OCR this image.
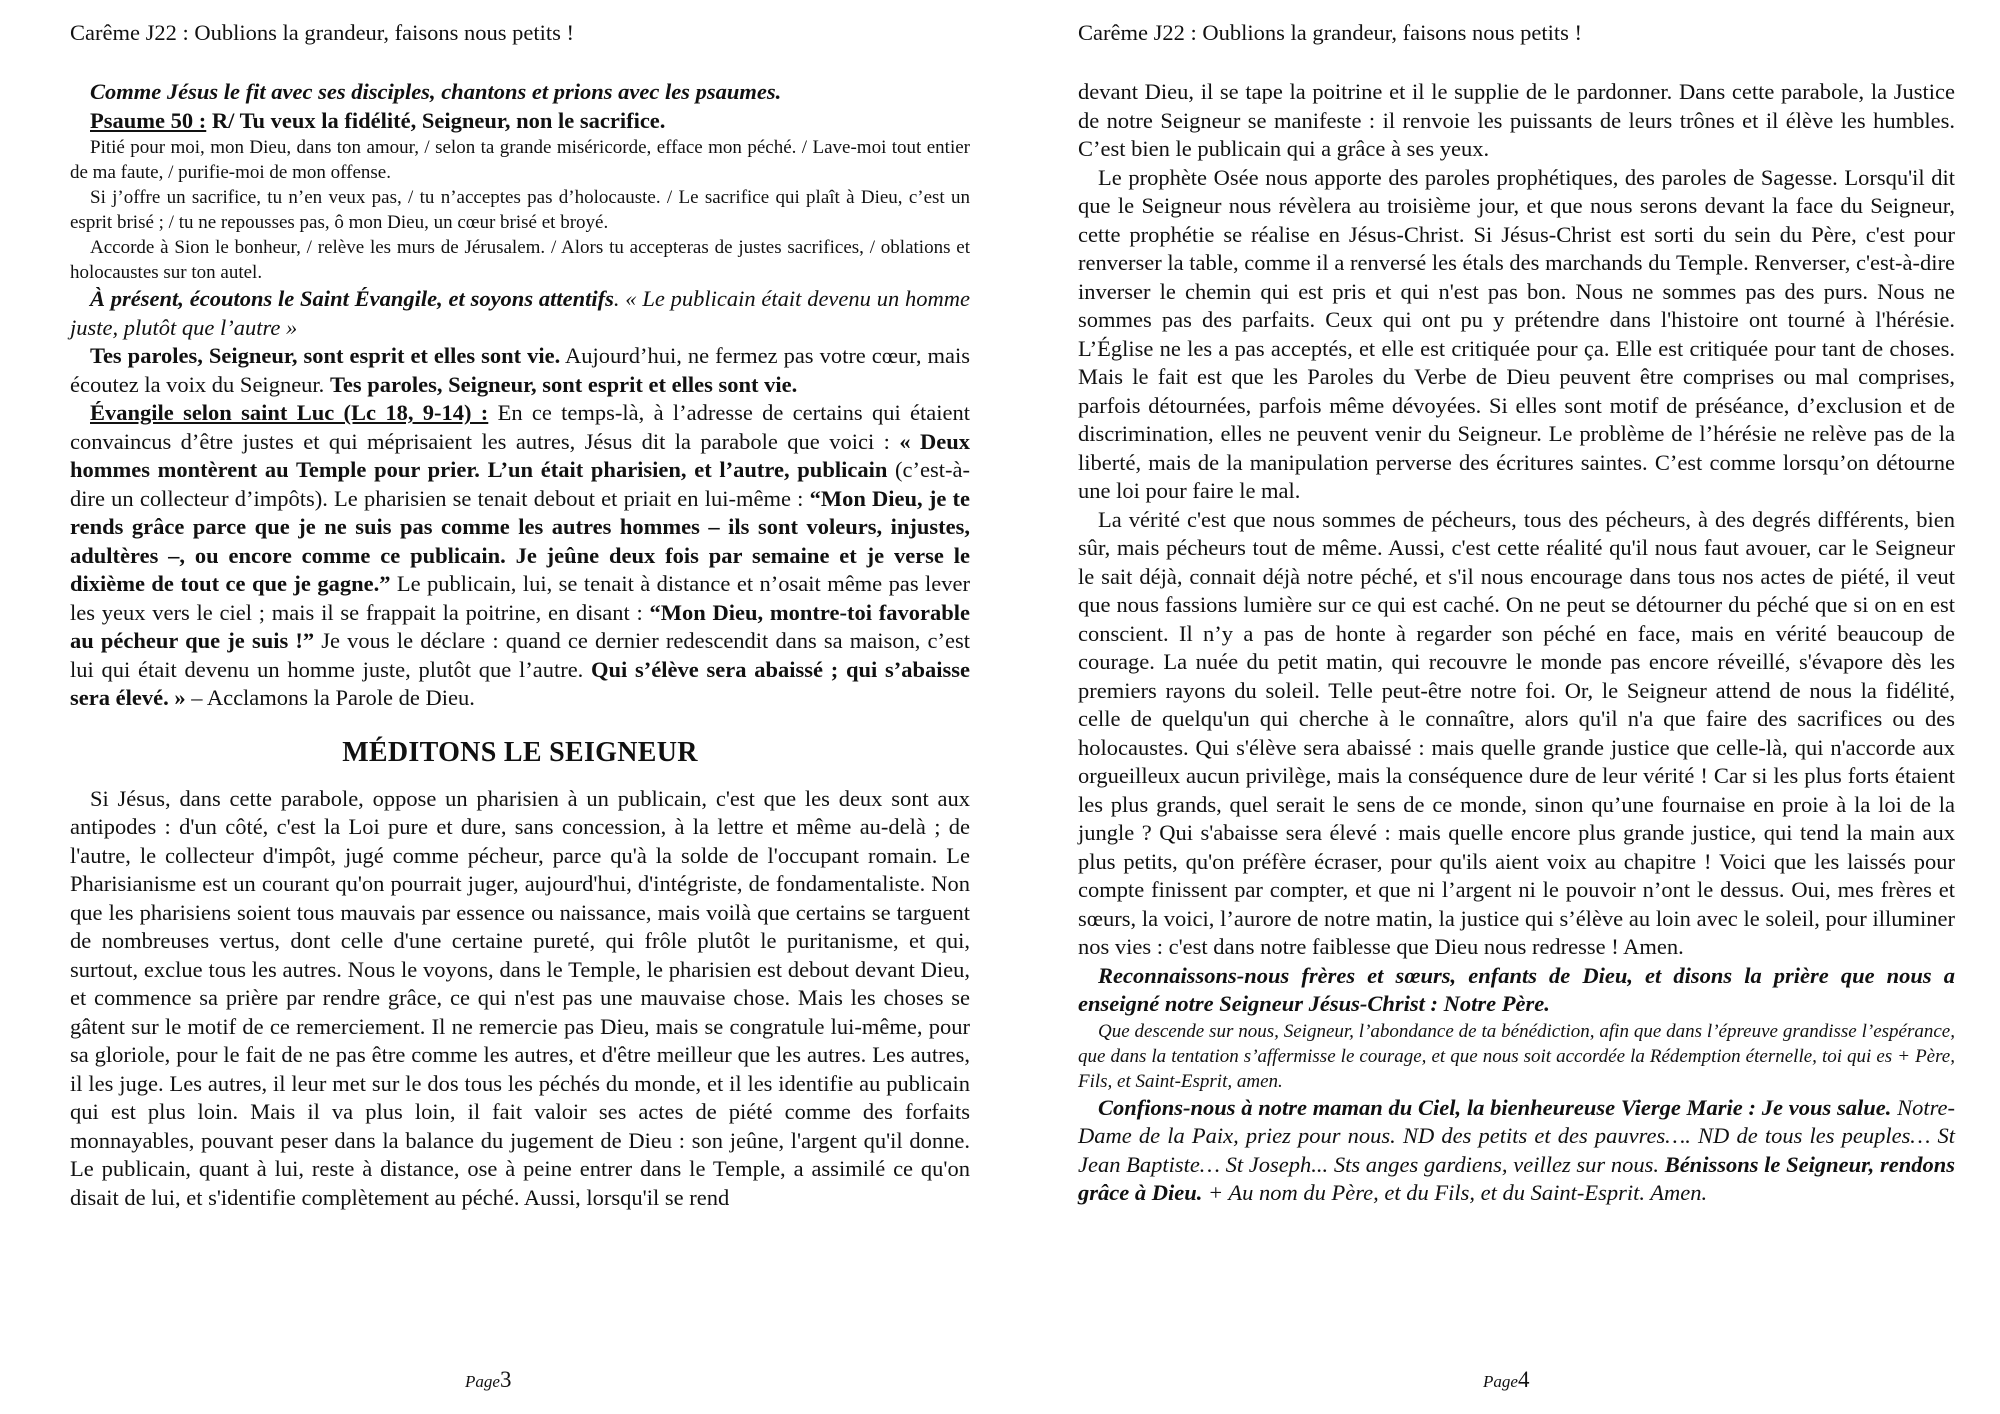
Carême J22 : Oublions la grandeur, faisons nous petits !

Comme Jésus le fit avec ses disciples, chantons et prions avec les psaumes.

Psaume 50 : R/ Tu veux la fidélité, Seigneur, non le sacrifice.

Pitié pour moi, mon Dieu, dans ton amour, / selon ta grande miséricorde, efface mon péché. / Lave-moi tout entier de ma faute, / purifie-moi de mon offense.

Si j’offre un sacrifice, tu n’en veux pas, / tu n’acceptes pas d’holocauste. / Le sacrifice qui plaît à Dieu, c’est un esprit brisé ; / tu ne repousses pas, ô mon Dieu, un cœur brisé et broyé.

Accorde à Sion le bonheur, / relève les murs de Jérusalem. / Alors tu accepteras de justes sacrifices, / oblations et holocaustes sur ton autel.

À présent, écoutons le Saint Évangile, et soyons attentifs. « Le publicain était devenu un homme juste, plutôt que l’autre »

Tes paroles, Seigneur, sont esprit et elles sont vie. Aujourd’hui, ne fermez pas votre cœur, mais écoutez la voix du Seigneur. Tes paroles, Seigneur, sont esprit et elles sont vie.

Évangile selon saint Luc (Lc 18, 9-14) : En ce temps-là, à l’adresse de certains qui étaient convaincus d’être justes et qui méprisaient les autres, Jésus dit la parabole que voici : « Deux hommes montèrent au Temple pour prier. L’un était pharisien, et l’autre, publicain (c’est-à-dire un collecteur d’impôts). Le pharisien se tenait debout et priait en lui-même : “Mon Dieu, je te rends grâce parce que je ne suis pas comme les autres hommes – ils sont voleurs, injustes, adultères –, ou encore comme ce publicain. Je jeûne deux fois par semaine et je verse le dixième de tout ce que je gagne.” Le publicain, lui, se tenait à distance et n’osait même pas lever les yeux vers le ciel ; mais il se frappait la poitrine, en disant : “Mon Dieu, montre-toi favorable au pécheur que je suis !” Je vous le déclare : quand ce dernier redescendit dans sa maison, c’est lui qui était devenu un homme juste, plutôt que l’autre. Qui s’élève sera abaissé ; qui s’abaisse sera élevé. » – Acclamons la Parole de Dieu.

MÉDITONS LE SEIGNEUR

Si Jésus, dans cette parabole, oppose un pharisien à un publicain, c'est que les deux sont aux antipodes : d'un côté, c'est la Loi pure et dure, sans concession, à la lettre et même au-delà ; de l'autre, le collecteur d'impôt, jugé comme pécheur, parce qu'à la solde de l'occupant romain. Le Pharisianisme est un courant qu'on pourrait juger, aujourd'hui, d'intégriste, de fondamentaliste. Non que les pharisiens soient tous mauvais par essence ou naissance, mais voilà que certains se targuent de nombreuses vertus, dont celle d'une certaine pureté, qui frôle plutôt le puritanisme, et qui, surtout, exclue tous les autres. Nous le voyons, dans le Temple, le pharisien est debout devant Dieu, et commence sa prière par rendre grâce, ce qui n'est pas une mauvaise chose. Mais les choses se gâtent sur le motif de ce remerciement. Il ne remercie pas Dieu, mais se congratule lui-même, pour sa gloriole, pour le fait de ne pas être comme les autres, et d'être meilleur que les autres. Les autres, il les juge. Les autres, il leur met sur le dos tous les péchés du monde, et il les identifie au publicain qui est plus loin. Mais il va plus loin, il fait valoir ses actes de piété comme des forfaits monnayables, pouvant peser dans la balance du jugement de Dieu : son jeûne, l'argent qu'il donne. Le publicain, quant à lui, reste à distance, ose à peine entrer dans le Temple, a assimilé ce qu'on disait de lui, et s'identifie complètement au péché. Aussi, lorsqu'il se rend

Page3
Carême J22 : Oublions la grandeur, faisons nous petits !

devant Dieu, il se tape la poitrine et il le supplie de le pardonner. Dans cette parabole, la Justice de notre Seigneur se manifeste : il renvoie les puissants de leurs trônes et il élève les humbles. C’est bien le publicain qui a grâce à ses yeux.

Le prophète Osée nous apporte des paroles prophétiques, des paroles de Sagesse. Lorsqu'il dit que le Seigneur nous révèlera au troisième jour, et que nous serons devant la face du Seigneur, cette prophétie se réalise en Jésus-Christ. Si Jésus-Christ est sorti du sein du Père, c'est pour renverser la table, comme il a renversé les étals des marchands du Temple. Renverser, c'est-à-dire inverser le chemin qui est pris et qui n'est pas bon. Nous ne sommes pas des purs. Nous ne sommes pas des parfaits. Ceux qui ont pu y prétendre dans l'histoire ont tourné à l'hérésie. L’Église ne les a pas acceptés, et elle est critiquée pour ça. Elle est critiquée pour tant de choses. Mais le fait est que les Paroles du Verbe de Dieu peuvent être comprises ou mal comprises, parfois détournées, parfois même dévoyées. Si elles sont motif de préséance, d’exclusion et de discrimination, elles ne peuvent venir du Seigneur. Le problème de l’hérésie ne relève pas de la liberté, mais de la manipulation perverse des écritures saintes. C’est comme lorsqu’on détourne une loi pour faire le mal.

La vérité c'est que nous sommes de pécheurs, tous des pécheurs, à des degrés différents, bien sûr, mais pécheurs tout de même. Aussi, c'est cette réalité qu'il nous faut avouer, car le Seigneur le sait déjà, connait déjà notre péché, et s'il nous encourage dans tous nos actes de piété, il veut que nous fassions lumière sur ce qui est caché. On ne peut se détourner du péché que si on en est conscient. Il n’y a pas de honte à regarder son péché en face, mais en vérité beaucoup de courage. La nuée du petit matin, qui recouvre le monde pas encore réveillé, s'évapore dès les premiers rayons du soleil. Telle peut-être notre foi. Or, le Seigneur attend de nous la fidélité, celle de quelqu'un qui cherche à le connaître, alors qu'il n'a que faire des sacrifices ou des holocaustes. Qui s'élève sera abaissé : mais quelle grande justice que celle-là, qui n'accorde aux orgueilleux aucun privilège, mais la conséquence dure de leur vérité ! Car si les plus forts étaient les plus grands, quel serait le sens de ce monde, sinon qu’une fournaise en proie à la loi de la jungle ? Qui s'abaisse sera élevé : mais quelle encore plus grande justice, qui tend la main aux plus petits, qu'on préfère écraser, pour qu'ils aient voix au chapitre ! Voici que les laissés pour compte finissent par compter, et que ni l’argent ni le pouvoir n’ont le dessus. Oui, mes frères et sœurs, la voici, l’aurore de notre matin, la justice qui s’élève au loin avec le soleil, pour illuminer nos vies : c'est dans notre faiblesse que Dieu nous redresse ! Amen.

Reconnaissons-nous frères et sœurs, enfants de Dieu, et disons la prière que nous a enseigné notre Seigneur Jésus-Christ : Notre Père.

Que descende sur nous, Seigneur, l’abondance de ta bénédiction, afin que dans l’épreuve grandisse l’espérance, que dans la tentation s’affermisse le courage, et que nous soit accordée la Rédemption éternelle, toi qui es + Père, Fils, et Saint-Esprit, amen.

Confions-nous à notre maman du Ciel, la bienheureuse Vierge Marie : Je vous salue. Notre-Dame de la Paix, priez pour nous. ND des petits et des pauvres…. ND de tous les peuples… St Jean Baptiste… St Joseph... Sts anges gardiens, veillez sur nous. Bénissons le Seigneur, rendons grâce à Dieu. + Au nom du Père, et du Fils, et du Saint-Esprit. Amen.

Page4
